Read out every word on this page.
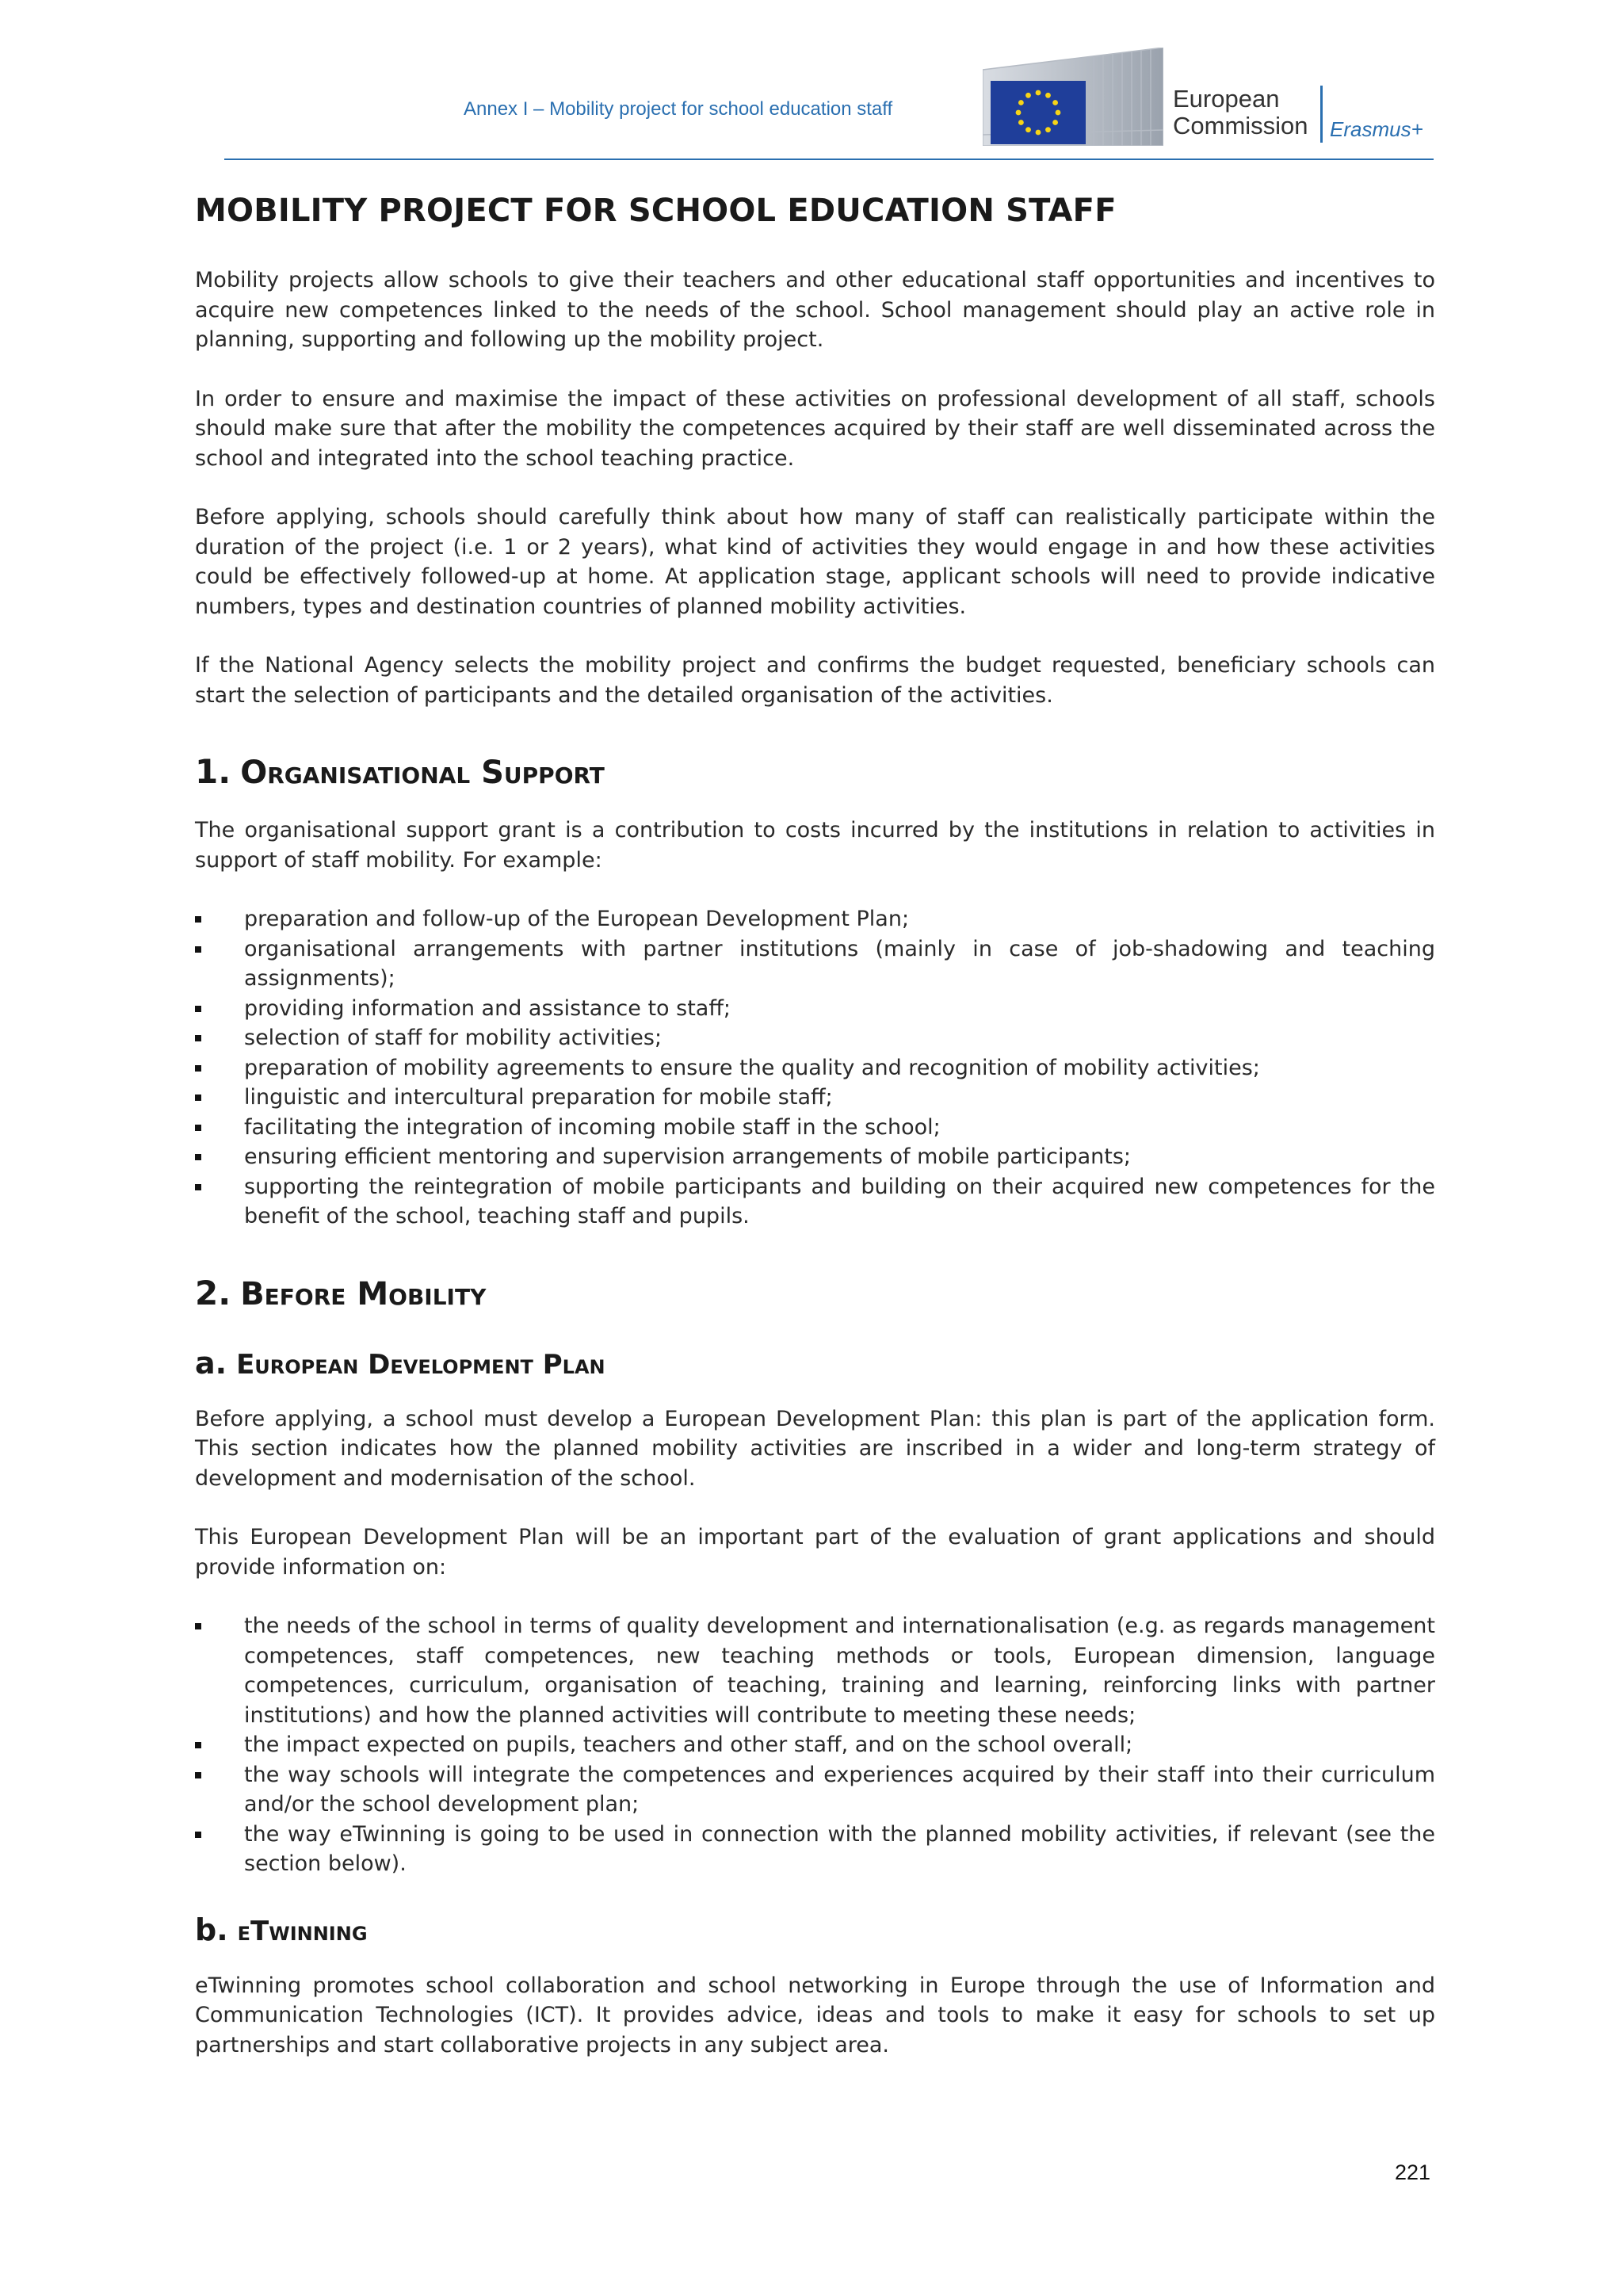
Annex I – Mobility project for school education staff	European
Commission Erasmus+
MOBILITY PROJECT FOR SCHOOL EDUCATION STAFF

Mobility projects allow schools to give their teachers and other educational staff opportunities and incentives to acquire new competences linked to the needs of the school. School management should play an active role in planning, supporting and following up the mobility project.

In order to ensure and maximise the impact of these activities on professional development of all staff, schools should make sure that after the mobility the competences acquired by their staff are well disseminated across the school and integrated into the school teaching practice.

Before applying, schools should carefully think about how many of staff can realistically participate within the duration of the project (i.e. 1 or 2 years), what kind of activities they would engage in and how these activities could be effectively followed-up at home. At application stage, applicant schools will need to provide indicative numbers, types and destination countries of planned mobility activities.

If the National Agency selects the mobility project and confirms the budget requested, beneficiary schools can start the selection of participants and the detailed organisation of the activities.

1. Organisational Support

The organisational support grant is a contribution to costs incurred by the institutions in relation to activities in support of staff mobility. For example:

preparation and follow-up of the European Development Plan;
organisational arrangements with partner institutions (mainly in case of job-shadowing and teaching assignments);
providing information and assistance to staff;
selection of staff for mobility activities;
preparation of mobility agreements to ensure the quality and recognition of mobility activities;
linguistic and intercultural preparation for mobile staff;
facilitating the integration of incoming mobile staff in the school;
ensuring efficient mentoring and supervision arrangements of mobile participants;
supporting the reintegration of mobile participants and building on their acquired new competences for the benefit of the school, teaching staff and pupils.
2. Before Mobility
a. European Development Plan

Before applying, a school must develop a European Development Plan: this plan is part of the application form. This section indicates how the planned mobility activities are inscribed in a wider and long-term strategy of development and modernisation of the school.

This European Development Plan will be an important part of the evaluation of grant applications and should provide information on:

the needs of the school in terms of quality development and internationalisation (e.g. as regards management competences, staff competences, new teaching methods or tools, European dimension, language competences, curriculum, organisation of teaching, training and learning, reinforcing links with partner institutions) and how the planned activities will contribute to meeting these needs;
the impact expected on pupils, teachers and other staff, and on the school overall;
the way schools will integrate the competences and experiences acquired by their staff into their curriculum and/or the school development plan;
the way eTwinning is going to be used in connection with the planned mobility activities, if relevant (see the section below).
b. eTwinning

eTwinning promotes school collaboration and school networking in Europe through the use of Information and Communication Technologies (ICT). It provides advice, ideas and tools to make it easy for schools to set up partnerships and start collaborative projects in any subject area.

221
